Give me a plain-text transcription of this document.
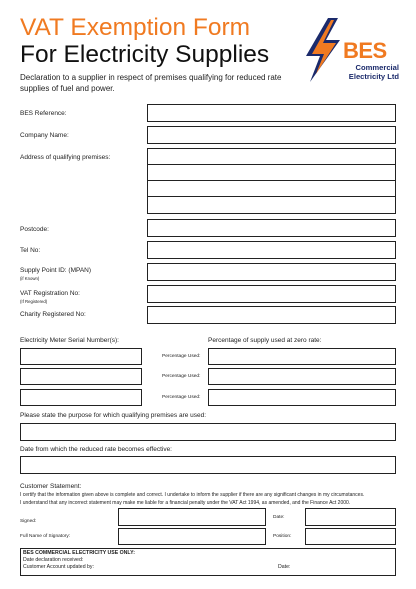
VAT Exemption Form
For Electricity Supplies
Declaration to a supplier in respect of premises qualifying for reduced rate supplies of fuel and power.
BES
Commercial
Electricity Ltd
BES Reference:
Company Name:
Address of qualifying premises:
Postcode:
Tel No:
Supply Point ID: (MPAN)
(if Known)
VAT Registration No:
(If Registered)
Charity Registered No:
Electricity Meter Serial Number(s):	Percentage of supply used at zero rate:
Percentage Used:
Percentage Used:
Percentage Used:
Please state the purpose for which qualifying premises are used:
Date from which the reduced rate becomes effective:
Customer Statement:
I certify that the information given above is complete and correct. I undertake to inform the supplier if there are any significant changes in my circumstances.
I understand that any incorrect statement may make me liable for a financial penalty under the VAT Act 1994, as amended, and the Finance Act 2000.
Signed:
Date:
Full Name of Signatory:	Position:
BES COMMERCIAL ELECTRICITY USE ONLY:
Date declaration received:
Customer Account updated by:	Date:
